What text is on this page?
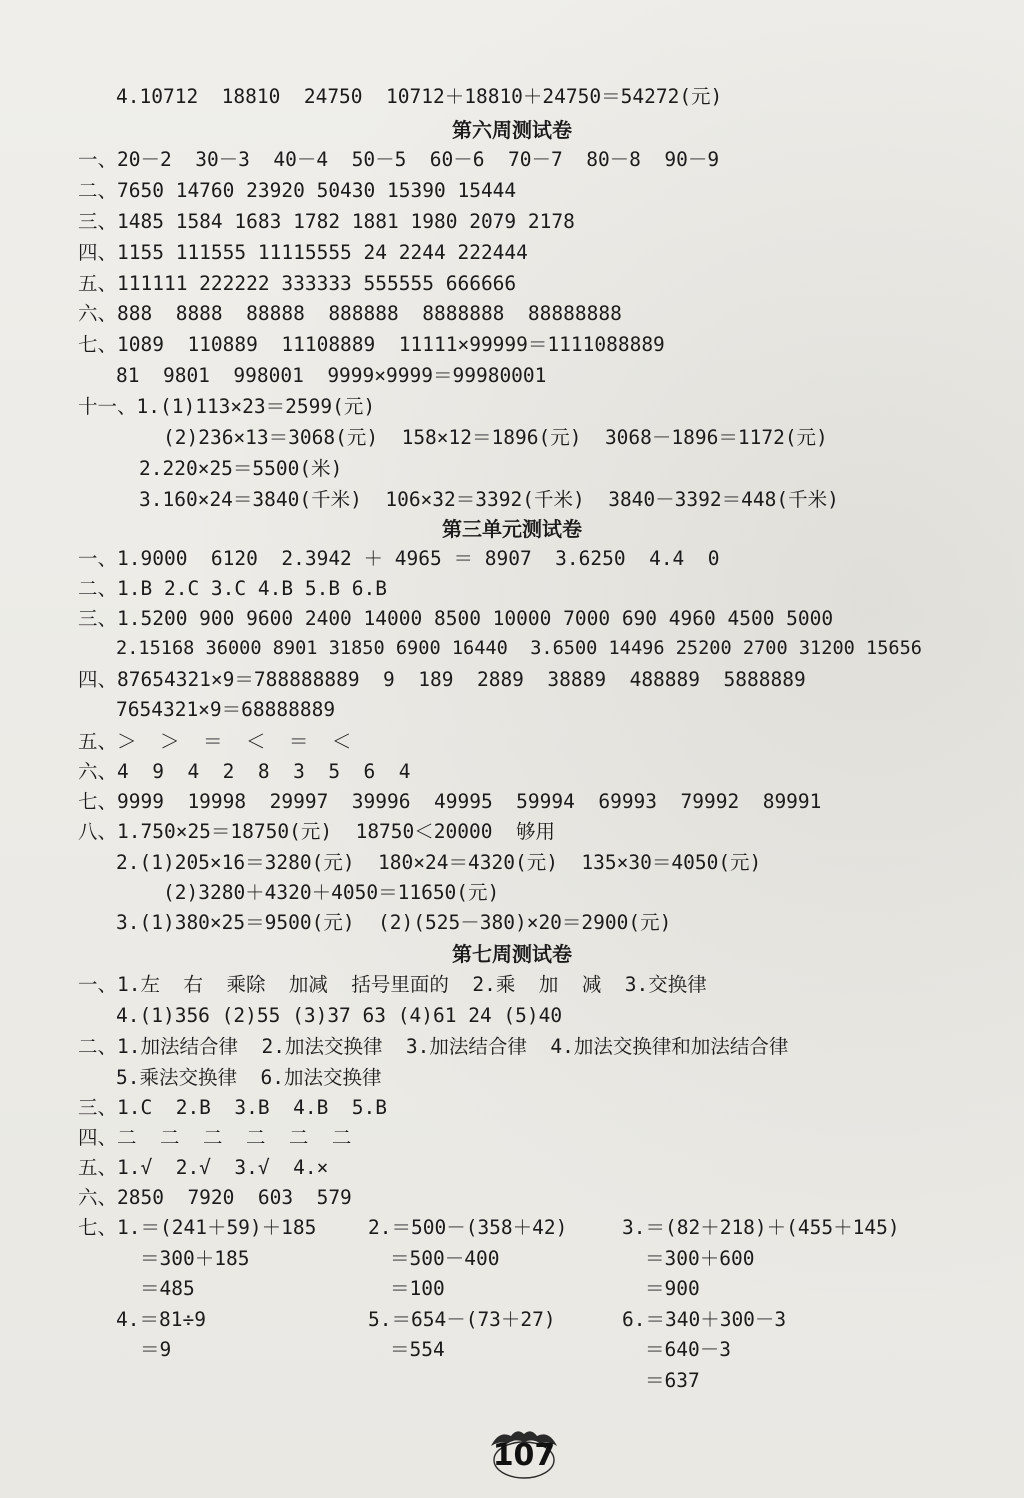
4.10712  18810  24750  10712＋18810＋24750＝54272(元)
第六周测试卷
一、20－2  30－3  40－4  50－5  60－6  70－7  80－8  90－9
二、7650 14760 23920 50430 15390 15444
三、1485 1584 1683 1782 1881 1980 2079 2178
四、1155 111555 11115555 24 2244 222444
五、111111 222222 333333 555555 666666
六、888  8888  88888  888888  8888888  88888888
七、1089  110889  11108889  11111×99999＝1111088889
81  9801  998001  9999×9999＝99980001
十一、1.(1)113×23＝2599(元)
(2)236×13＝3068(元)  158×12＝1896(元)  3068－1896＝1172(元)
2.220×25＝5500(米)
3.160×24＝3840(千米)  106×32＝3392(千米)  3840－3392＝448(千米)
第三单元测试卷
一、1.9000  6120  2.3942 ＋ 4965 ＝ 8907  3.6250  4.4  0
二、1.B 2.C 3.C 4.B 5.B 6.B
三、1.5200 900 9600 2400 14000 8500 10000 7000 690 4960 4500 5000
2.15168 36000 8901 31850 6900 16440  3.6500 14496 25200 2700 31200 15656
四、87654321×9＝788888889  9  189  2889  38889  488889  5888889
7654321×9＝68888889
五、＞  ＞  ＝  ＜  ＝  ＜
六、4  9  4  2  8  3  5  6  4
七、9999  19998  29997  39996  49995  59994  69993  79992  89991
八、1.750×25＝18750(元)  18750＜20000  够用
2.(1)205×16＝3280(元)  180×24＝4320(元)  135×30＝4050(元)
(2)3280＋4320＋4050＝11650(元)
3.(1)380×25＝9500(元)  (2)(525－380)×20＝2900(元)
第七周测试卷
一、1.左  右  乘除  加减  括号里面的  2.乘  加  减  3.交换律
4.(1)356 (2)55 (3)37 63 (4)61 24 (5)40
二、1.加法结合律  2.加法交换律  3.加法结合律  4.加法交换律和加法结合律
5.乘法交换律  6.加法交换律
三、1.C  2.B  3.B  4.B  5.B
四、二  二  二  二  二  二
五、1.√  2.√  3.√  4.×
六、2850  7920  603  579
七、1.＝(241＋59)＋185	2.＝500－(358＋42)	3.＝(82＋218)＋(455＋145)
＝300＋185	＝500－400	＝300＋600
＝485	＝100	＝900
4.＝81÷9	5.＝654－(73＋27)	6.＝340＋300－3
＝9	＝554	＝640－3
＝637
107
